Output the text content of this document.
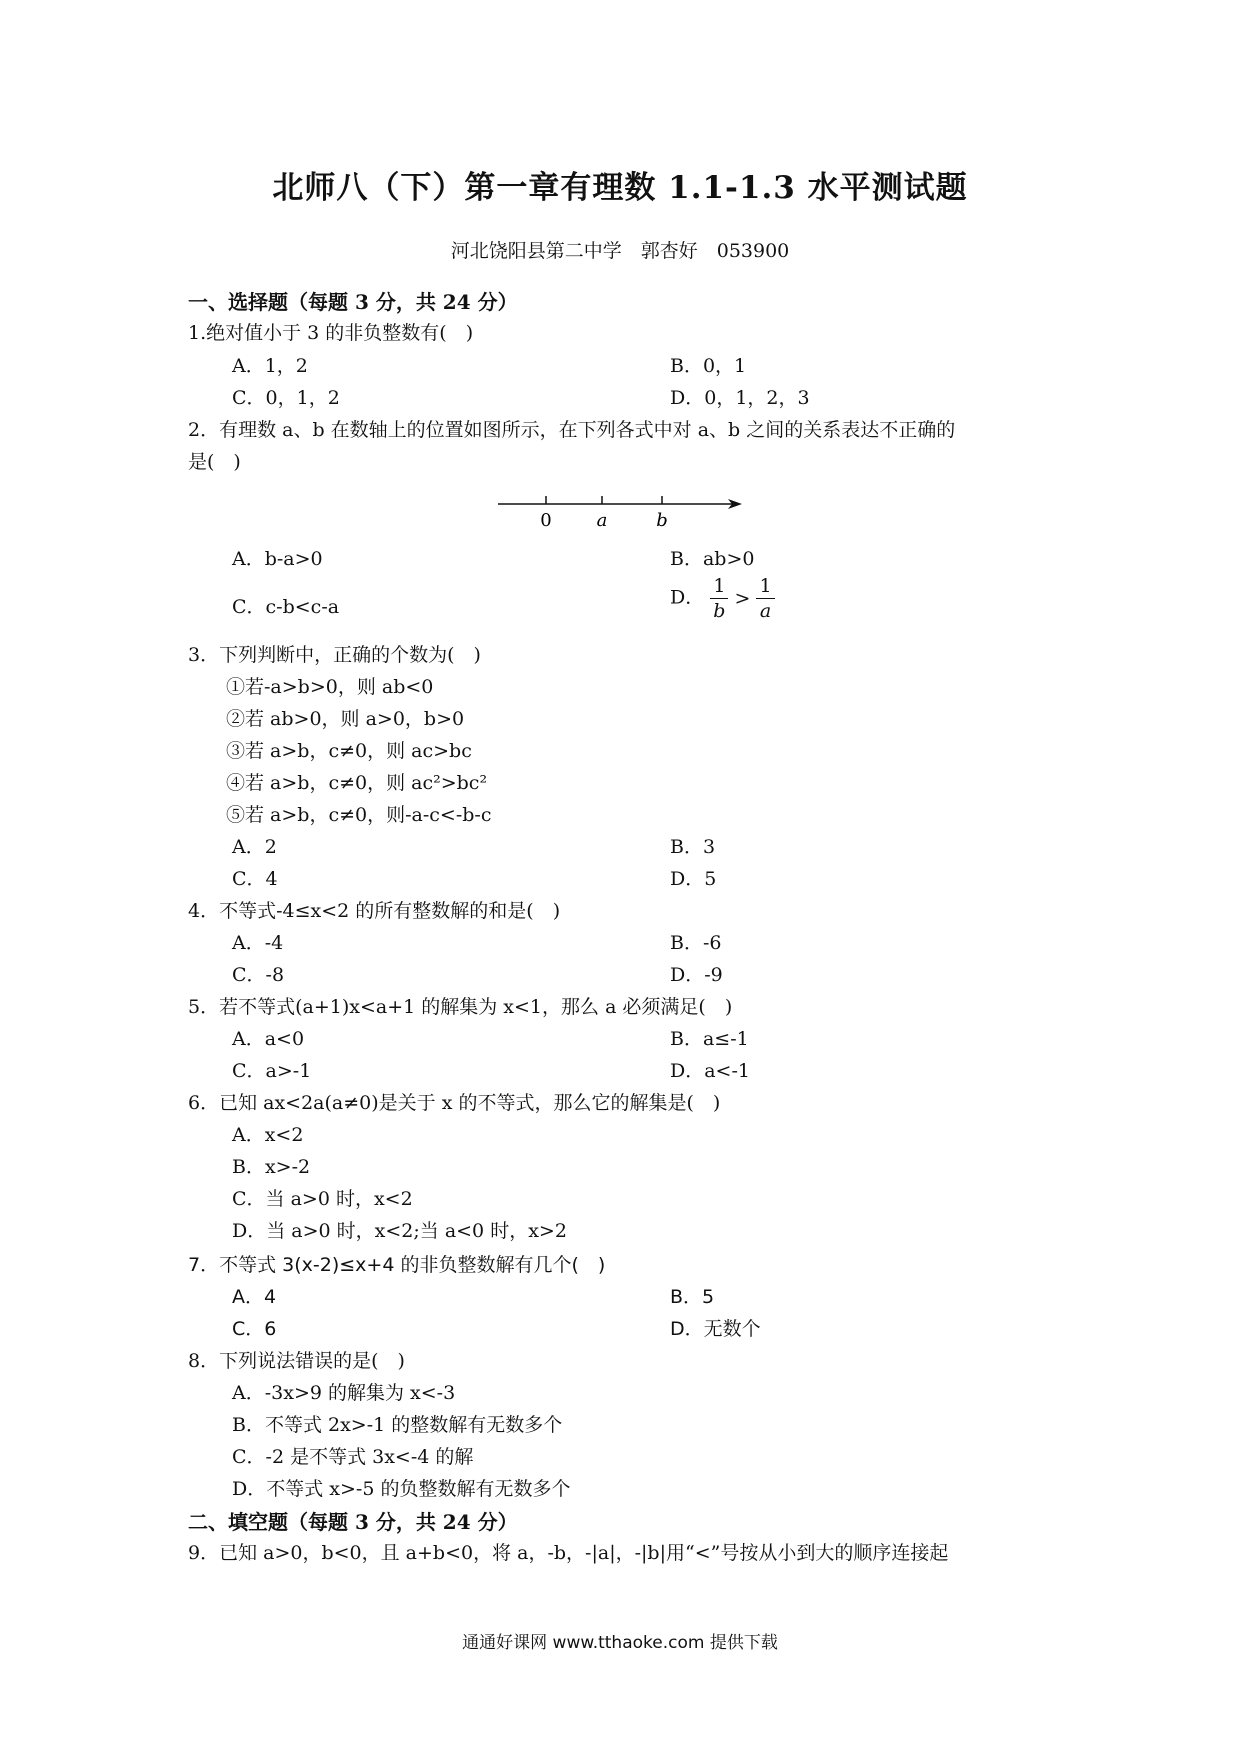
北师八（下）第一章有理数 1.1-1.3 水平测试题
河北饶阳县第二中学　郭杏好　053900
一、选择题（每题 3 分，共 24 分）
1.绝对值小于 3 的非负整数有(　)
A．1，2	B．0，1
C．0，1，2	D．0，1，2，3
2．有理数 a、b 在数轴上的位置如图所示，在下列各式中对 a、b 之间的关系表达不正确的
是(　)
0 a	b
A．b-a>0	B．ab>0
C．c-b<c-a	D． $\frac{1}{b} > \frac{1}{a}$
3．下列判断中，正确的个数为(　)
①若-a>b>0，则 ab<0
②若 ab>0，则 a>0，b>0
③若 a>b，c≠0，则 ac>bc
④若 a>b，c≠0，则 ac²>bc²
⑤若 a>b，c≠0，则-a-c<-b-c
A．2	B．3
C．4	D．5
4．不等式-4≤x<2 的所有整数解的和是(　)
A．-4	B．-6
C．-8	D．-9
5．若不等式(a+1)x<a+1 的解集为 x<1，那么 a 必须满足(　)
A．a<0	B．a≤-1
C．a>-1	D．a<-1
6．已知 ax<2a(a≠0)是关于 x 的不等式，那么它的解集是(　)
A．x<2
B．x>-2
C．当 a>0 时，x<2
D．当 a>0 时，x<2;当 a<0 时，x>2
7．不等式 3(x-2)≤x+4 的非负整数解有几个(　)
A．4	B．5
C．6	D．无数个
8．下列说法错误的是(　)
A．-3x>9 的解集为 x<-3
B．不等式 2x>-1 的整数解有无数多个
C．-2 是不等式 3x<-4 的解
D．不等式 x>-5 的负整数解有无数多个
二、填空题（每题 3 分，共 24 分）
9．已知 a>0，b<0，且 a+b<0，将 a，-b，-|a|，-|b|用“<”号按从小到大的顺序连接起
通通好课网 www.tthaoke.com 提供下载
